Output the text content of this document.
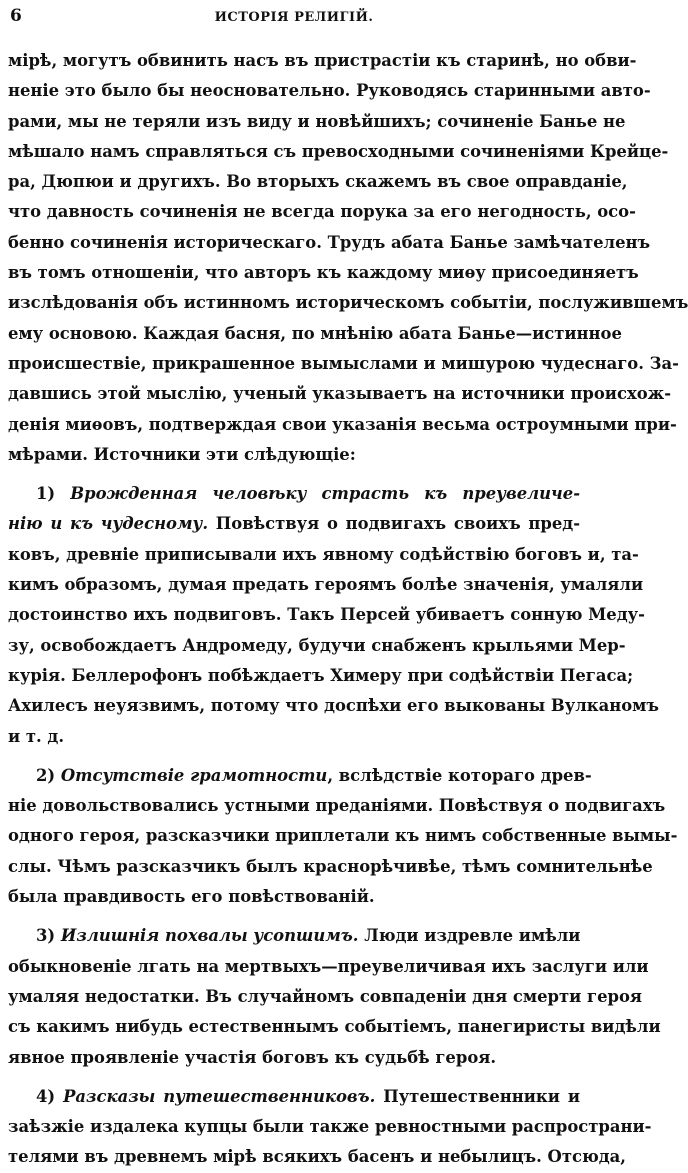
6	ИСТОРІЯ РЕЛИГІЙ.
мірѣ, могутъ обвинить насъ въ пристрастіи къ старинѣ, но обви-
неніе это было бы неосновательно. Руководясь старинными авто-
рами, мы не теряли изъ виду и новѣйшихъ; сочиненіе Банье не
мѣшало намъ справляться съ превосходными сочиненіями Крейце-
ра, Дюпюи и другихъ. Во вторыхъ скажемъ въ свое оправданіе,
что давность сочиненія не всегда порука за его негодность, осо-
бенно сочиненія историческаго. Трудъ абата Банье замѣчателенъ
въ томъ отношеніи, что авторъ къ каждому миѳу присоединяетъ
изслѣдованія объ истинномъ историческомъ событіи, послужившемъ
ему основою. Каждая басня, по мнѣнію абата Банье—истинное
происшествіе, прикрашенное вымыслами и мишурою чудеснаго. За-
давшись этой мыслію, ученый указываетъ на источники происхож-
денія миѳовъ, подтверждая свои указанія весьма остроумными при-
мѣрами. Источники эти слѣдующіе:
1) Врожденная человѣку страсть къ преувеличе-
нію и къ чудесному. Повѣствуя о подвигахъ своихъ пред-
ковъ, древніе приписывали ихъ явному содѣйствію боговъ и, та-
кимъ образомъ, думая предать героямъ болѣе значенія, умаляли
достоинство ихъ подвиговъ. Такъ Персей убиваетъ сонную Меду-
зу, освобождаетъ Андромеду, будучи снабженъ крыльями Мер-
курія. Беллерофонъ побѣждаетъ Химеру при содѣйствіи Пегаса;
Ахилесъ неуязвимъ, потому что доспѣхи его выкованы Вулканомъ
и т. д.
2) Отсутствіе грамотности, вслѣдствіе котораго древ-
ніе довольствовались устными преданіями. Повѣствуя о подвигахъ
одного героя, разсказчики приплетали къ нимъ собственные вымы-
слы. Чѣмъ разсказчикъ былъ краснорѣчивѣе, тѣмъ сомнительнѣе
была правдивость его повѣствованій.
3) Излишнія похвалы усопшимъ. Люди издревле имѣли
обыкновеніе лгать на мертвыхъ—преувеличивая ихъ заслуги или
умаляя недостатки. Въ случайномъ совпаденіи дня смерти героя
съ какимъ нибудь естественнымъ событіемъ, панегиристы видѣли
явное проявленіе участія боговъ къ судьбѣ героя.
4) Разсказы путешественниковъ. Путешественники и
заѣзжіе издалека купцы были также ревностными распространи-
телями въ древнемъ мірѣ всякихъ басенъ и небылицъ. Отсюда,
